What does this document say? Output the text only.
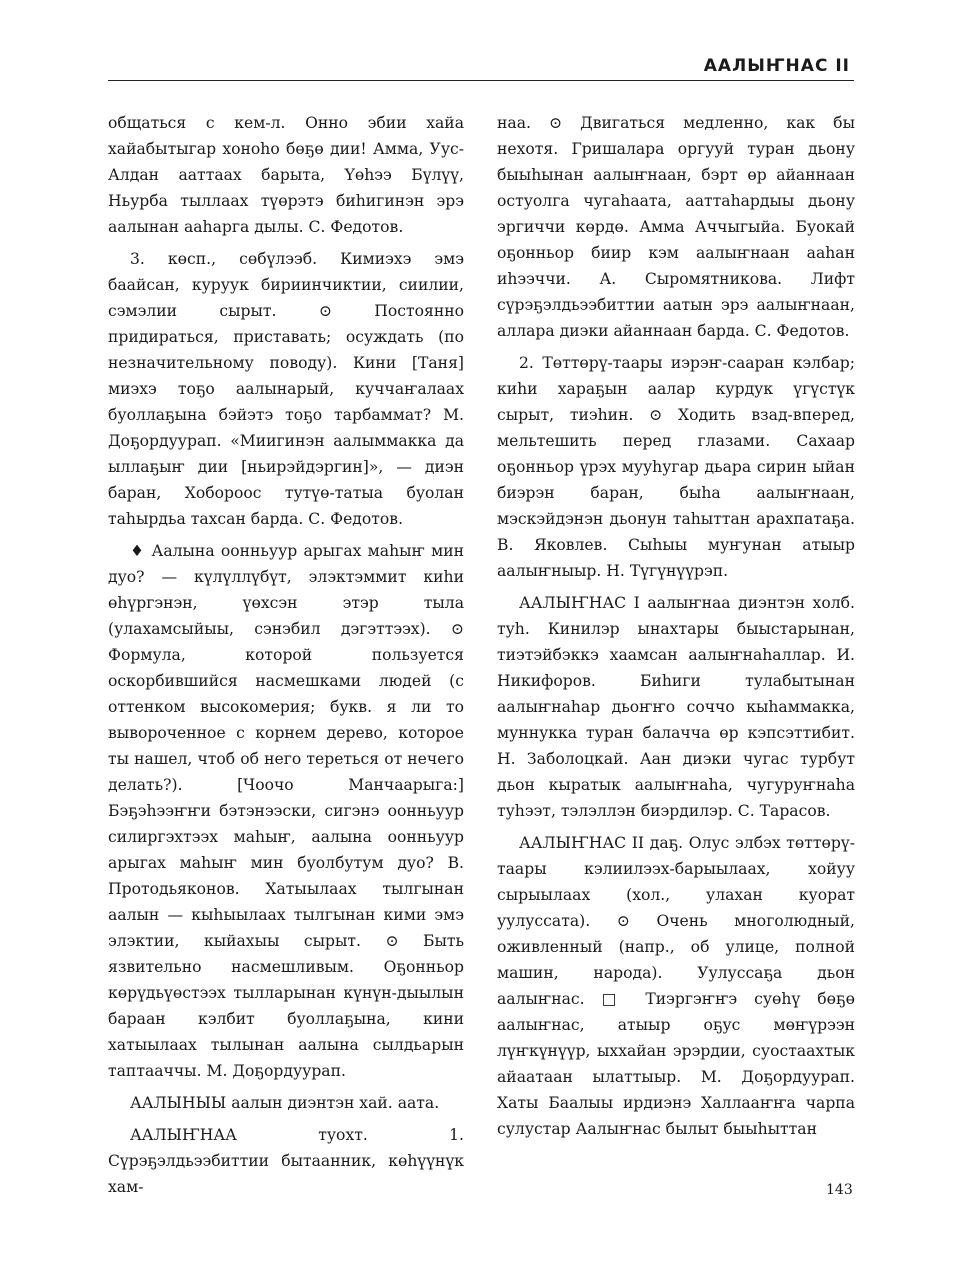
ААЛЫҤНАС II

общаться с кем-л. Онно эбии хайа хайабытыгар хоноһо бөҕө дии! Амма, Уус-Алдан ааттаах барыта, Үөһээ Бүлүү, Ньурба тыллаах түөрэтэ биһигинэн эрэ аалынан ааһарга дылы. С. Федотов.

3. көсп., сөбүлээб. Кимиэхэ эмэ баайсан, куруук бириинчиктии, сиилии, сэмэлии сырыт. ⊙ Постоянно придираться, приставать; осуждать (по незначительному поводу). Кини [Таня] миэхэ тоҕо аалынарый, куччаҥалаах буоллаҕына бэйэтэ тоҕо тарбаммат? М. Доҕордуурап. «Миигинэн аалыммакка да ыллаҕыҥ дии [ньирэйдэргин]», — диэн баран, Хобороос тутүө-татыа буолан таһырдьа тахсан барда. С. Федотов.

♦ Аалына оонньуур арыгах маһыҥ мин дуо? — күлүллүбүт, элэктэммит киһи өһүргэнэн, үөхсэн этэр тыла (улахамсыйыы, сэнэбил дэгэттээх). ⊙ Формула, которой пользуется оскорбившийся насмешками людей (с оттенком высокомерия; букв. я ли то вывороченное с корнем дерево, которое ты нашел, чтоб об него тереться от нечего делать?). [Чоочо Манчаарыга:] Бэҕэһээҥҥи бэтэнээски, сигэнэ оонньуур силиргэхтээх маһыҥ, аалына оонньуур арыгах маһыҥ мин буолбутум дуо? В. Протодьяконов. Хатыылаах тылгынан аалын — кыһыылаах тылгынан кими эмэ элэктии, кыйахыы сырыт. ⊙ Быть язвительно насмешливым. Оҕонньор көрүдьүөстээх тылларынан күнүн-дыылын бараан кэлбит буоллаҕына, кини хатыылаах тылынан аалына сылдьарын таптааччы. М. Доҕордуурап.

ААЛЫНЫЫ аалын диэнтэн хай. аата.

ААЛЫҤНАА туохт. 1. Сүрэҕэлдьээбиттии бытаанник, көһүүнүк хам-

наа. ⊙ Двигаться медленно, как бы нехотя. Гришалара оргууй туран дьону быыһынан аалыҥнаан, бэрт өр айаннаан остуолга чугаһаата, ааттаһардыы дьону эргиччи көрдө. Амма Аччыгыйа. Буокай оҕонньор биир кэм аалыҥнаан ааһан иһээччи. А. Сыромятникова. Лифт сүрэҕэлдьээбиттии аатын эрэ аалыҥнаан, аллара диэки айаннаан барда. С. Федотов.

2. Төттөрү-таары иэрэҥ-сааран кэлбар; киһи харaҕын аалар курдук үгүстүк сырыт, тиэһин. ⊙ Ходить взад-вперед, мельтешить перед глазами. Сахаар оҕонньор үрэх мууһугар дьара сирин ыйан биэрэн баран, быһа аалыҥнаан, мэскэйдэнэн дьонун таһыттан арахпатаҕа. В. Яковлев. Сыһыы муҥунан атыыр аалыҥныыр. Н. Түгүнүүрэп.

ААЛЫҤНАС I аалыҥнаа диэнтэн холб. туһ. Кинилэр ынахтары быыстарынан, тиэтэйбэккэ хаамсан аалыҥнаһаллар. И. Никифоров. Биһиги тулабытынан аалыҥнаһар дьоҥҥо соччо кыһаммакка, муннукка туран балачча өр кэпсэттибит. Н. Заболоцкай. Аан диэки чугас турбут дьон кыратык аалыҥнаһа, чугуруҥнаһа туһээт, тэлэллэн биэрдилэр. С. Тарасов.

ААЛЫҤНАС II даҕ. Олус элбэх төттөрү-таары кэлиилээх-барыылаах, хойуу сырыылаах (хол., улахан куорат уулуссата). ⊙ Очень многолюдный, оживленный (напр., об улице, полной машин, народа). Уулуссаҕа дьон аалыҥнас. □ Тиэргэҥҥэ суөһү бөҕө аалыҥнас, атыыр оҕус мөҥүрээн лүҥкүнүүр, ыххайан эрэрдии, суостаахтык айаатаан ылаттыыр. М. Доҕордуурап. Хаты Баалыы ирдиэнэ Халлааҥҥа чарпа сулустар Аалыҥнас былыт быыһыттан

143
